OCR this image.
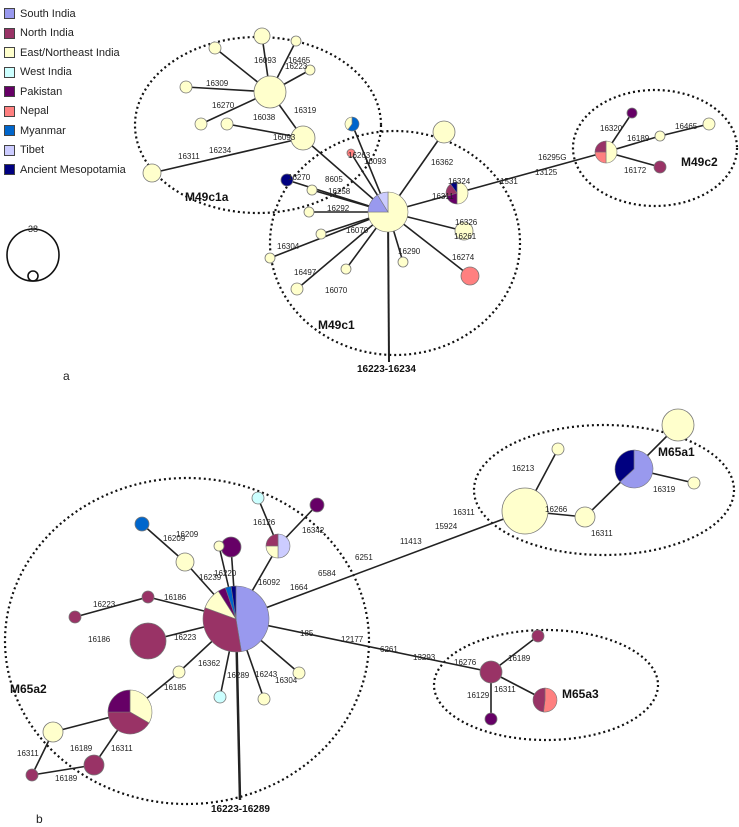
South India
North India
East/Northeast India
West India
Pakistan
Nepal
Myanmar
Tibet
Ancient Mesopotamia
a
b
38
16093 16465
16309
16223
16270
16319
16038
16093
16234
16311	16263
16270 8605
16258
16093	16362
16324
16292
16311
1531
13125
16295G
16070
16326
16261
16304
16497
16290
16274
16070
16320
16189
16465
16172
M49c1a
M49c1
M49c2
16223-16234
16209
16213
16319
16311	16266
16311
15924
11413
6251
6584
16126
16342
16209
16239
16220
16092
1664
16223
16186
16186	16223	185
12177
6261
13293
16276	16189
16129
16311
16362
16289
16304
16243
16185
16189 16311
16311
16189
M65a1
M65a2	M65a3
16223-16289
